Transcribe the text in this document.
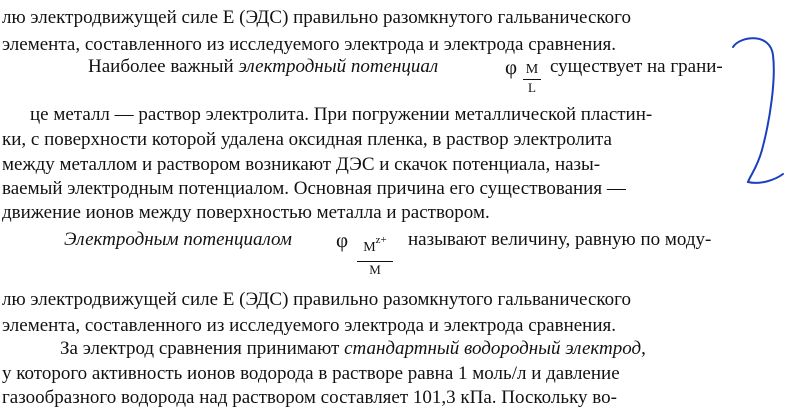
лю электродвижущей силе E (ЭДС) правильно разомкнутого гальванического
элемента, составленного из исследуемого электрода и электрода сравнения.
Наиболее важный электродный потенциал	φ M
L
существует на грани-
це металл — раствор электролита. При погружении металлической пластин-
ки, с поверхности которой удалена оксидная пленка, в раствор электролита
между металлом и раствором возникают ДЭС и скачок потенциала, назы-
ваемый электродным потенциалом. Основная причина его существования —
движение ионов между поверхностью металла и раствором.
Электродным потенциалом φ	$M^{z+}$
M
называют величину, равную по моду-
лю электродвижущей силе E (ЭДС) правильно разомкнутого гальванического
элемента, составленного из исследуемого электрода и электрода сравнения.
За электрод сравнения принимают стандартный водородный электрод,
у которого активность ионов водорода в растворе равна 1 моль/л и давление
газообразного водорода над раствором составляет 101,3 кПа. Поскольку во-
